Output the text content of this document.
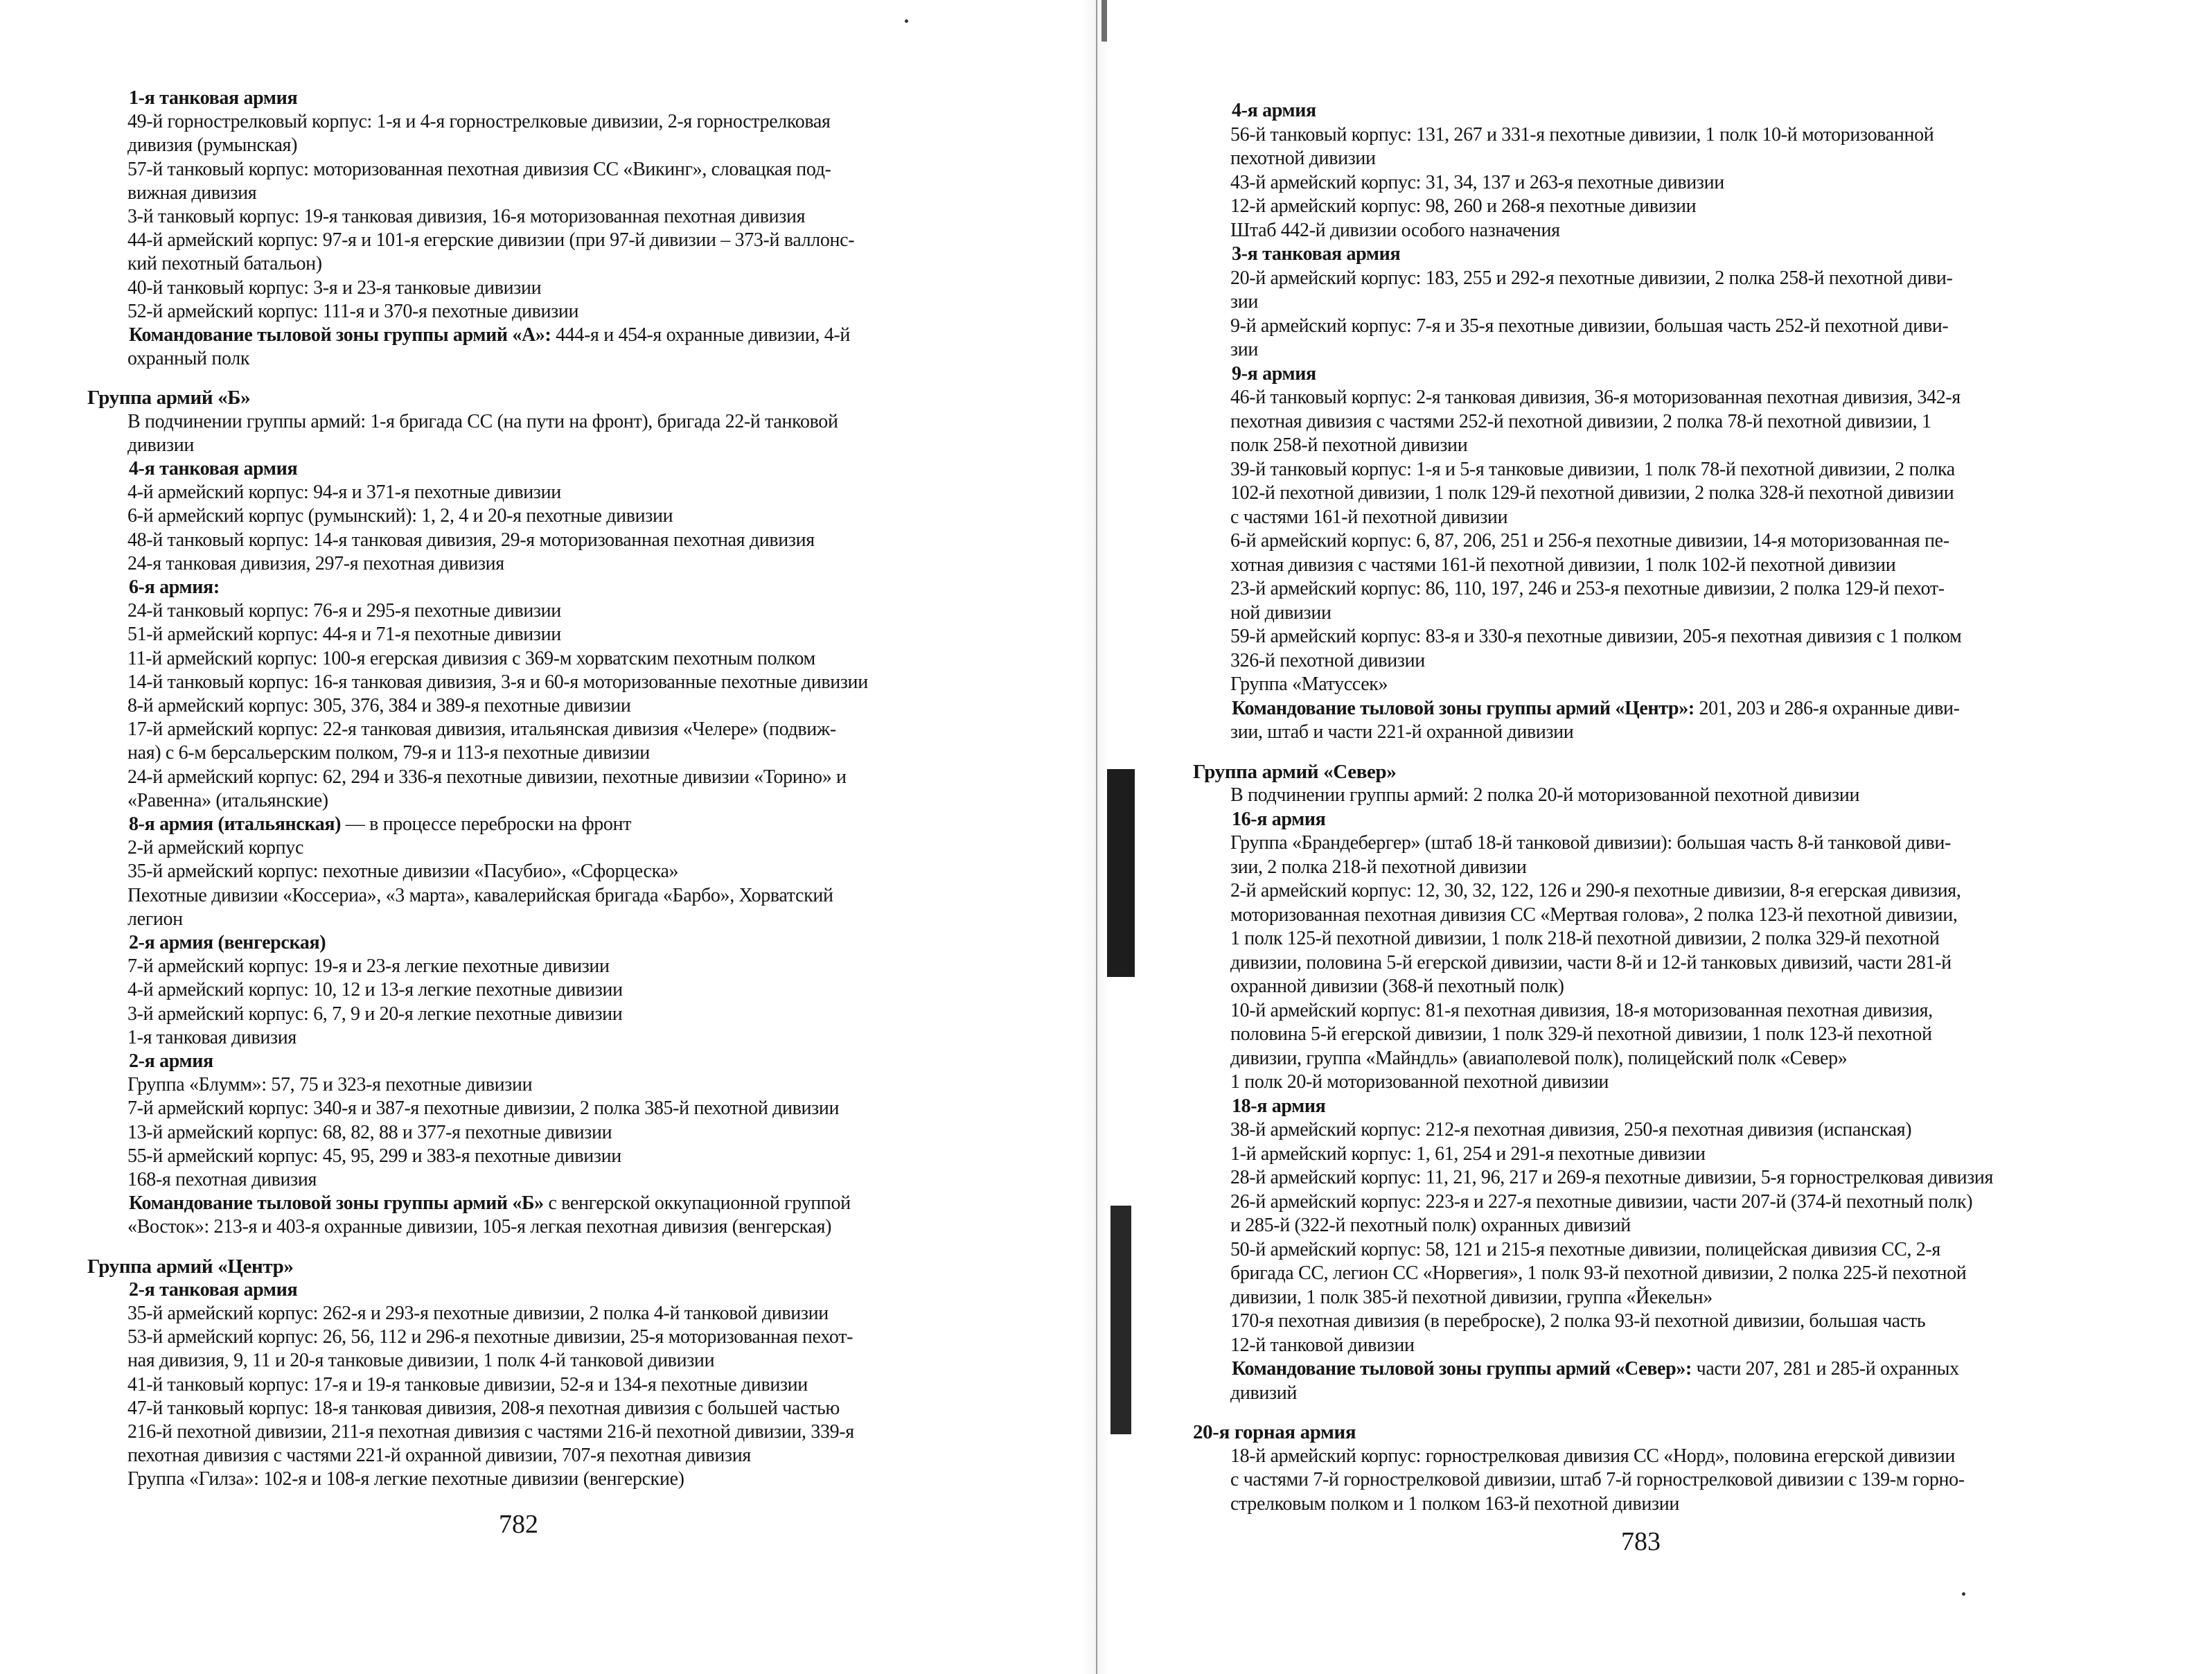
1-я танковая армия
49-й горнострелковый корпус: 1-я и 4-я горнострелковые дивизии, 2-я горнострелковая
дивизия (румынская)
57-й танковый корпус: моторизованная пехотная дивизия СС «Викинг», словацкая под-
вижная дивизия
3-й танковый корпус: 19-я танковая дивизия, 16-я моторизованная пехотная дивизия
44-й армейский корпус: 97-я и 101-я егерские дивизии (при 97-й дивизии – 373-й валлонс-
кий пехотный батальон)
40-й танковый корпус: 3-я и 23-я танковые дивизии
52-й армейский корпус: 111-я и 370-я пехотные дивизии
Командование тыловой зоны группы армий «А»: 444-я и 454-я охранные дивизии, 4-й
охранный полк
Группа армий «Б»
В подчинении группы армий: 1-я бригада СС (на пути на фронт), бригада 22-й танковой
дивизии
4-я танковая армия
4-й армейский корпус: 94-я и 371-я пехотные дивизии
6-й армейский корпус (румынский): 1, 2, 4 и 20-я пехотные дивизии
48-й танковый корпус: 14-я танковая дивизия, 29-я моторизованная пехотная дивизия
24-я танковая дивизия, 297-я пехотная дивизия
6-я армия:
24-й танковый корпус: 76-я и 295-я пехотные дивизии
51-й армейский корпус: 44-я и 71-я пехотные дивизии
11-й армейский корпус: 100-я егерская дивизия с 369-м хорватским пехотным полком
14-й танковый корпус: 16-я танковая дивизия, 3-я и 60-я моторизованные пехотные дивизии
8-й армейский корпус: 305, 376, 384 и 389-я пехотные дивизии
17-й армейский корпус: 22-я танковая дивизия, итальянская дивизия «Челере» (подвиж-
ная) с 6-м берсальерским полком, 79-я и 113-я пехотные дивизии
24-й армейский корпус: 62, 294 и 336-я пехотные дивизии, пехотные дивизии «Торино» и
«Равенна» (итальянские)
8-я армия (итальянская) — в процессе переброски на фронт
2-й армейский корпус
35-й армейский корпус: пехотные дивизии «Пасубио», «Сфорцеска»
Пехотные дивизии «Коссериа», «3 марта», кавалерийская бригада «Барбо», Хорватский
легион
2-я армия (венгерская)
7-й армейский корпус: 19-я и 23-я легкие пехотные дивизии
4-й армейский корпус: 10, 12 и 13-я легкие пехотные дивизии
3-й армейский корпус: 6, 7, 9 и 20-я легкие пехотные дивизии
1-я танковая дивизия
2-я армия
Группа «Блумм»: 57, 75 и 323-я пехотные дивизии
7-й армейский корпус: 340-я и 387-я пехотные дивизии, 2 полка 385-й пехотной дивизии
13-й армейский корпус: 68, 82, 88 и 377-я пехотные дивизии
55-й армейский корпус: 45, 95, 299 и 383-я пехотные дивизии
168-я пехотная дивизия
Командование тыловой зоны группы армий «Б» с венгерской оккупационной группой
«Восток»: 213-я и 403-я охранные дивизии, 105-я легкая пехотная дивизия (венгерская)
Группа армий «Центр»
2-я танковая армия
35-й армейский корпус: 262-я и 293-я пехотные дивизии, 2 полка 4-й танковой дивизии
53-й армейский корпус: 26, 56, 112 и 296-я пехотные дивизии, 25-я моторизованная пехот-
ная дивизия, 9, 11 и 20-я танковые дивизии, 1 полк 4-й танковой дивизии
41-й танковый корпус: 17-я и 19-я танковые дивизии, 52-я и 134-я пехотные дивизии
47-й танковый корпус: 18-я танковая дивизия, 208-я пехотная дивизия с большей частью
216-й пехотной дивизии, 211-я пехотная дивизия с частями 216-й пехотной дивизии, 339-я
пехотная дивизия с частями 221-й охранной дивизии, 707-я пехотная дивизия
Группа «Гилза»: 102-я и 108-я легкие пехотные дивизии (венгерские)
782
4-я армия
56-й танковый корпус: 131, 267 и 331-я пехотные дивизии, 1 полк 10-й моторизованной
пехотной дивизии
43-й армейский корпус: 31, 34, 137 и 263-я пехотные дивизии
12-й армейский корпус: 98, 260 и 268-я пехотные дивизии
Штаб 442-й дивизии особого назначения
3-я танковая армия
20-й армейский корпус: 183, 255 и 292-я пехотные дивизии, 2 полка 258-й пехотной диви-
зии
9-й армейский корпус: 7-я и 35-я пехотные дивизии, большая часть 252-й пехотной диви-
зии
9-я армия
46-й танковый корпус: 2-я танковая дивизия, 36-я моторизованная пехотная дивизия, 342-я
пехотная дивизия с частями 252-й пехотной дивизии, 2 полка 78-й пехотной дивизии, 1
полк 258-й пехотной дивизии
39-й танковый корпус: 1-я и 5-я танковые дивизии, 1 полк 78-й пехотной дивизии, 2 полка
102-й пехотной дивизии, 1 полк 129-й пехотной дивизии, 2 полка 328-й пехотной дивизии
с частями 161-й пехотной дивизии
6-й армейский корпус: 6, 87, 206, 251 и 256-я пехотные дивизии, 14-я моторизованная пе-
хотная дивизия с частями 161-й пехотной дивизии, 1 полк 102-й пехотной дивизии
23-й армейский корпус: 86, 110, 197, 246 и 253-я пехотные дивизии, 2 полка 129-й пехот-
ной дивизии
59-й армейский корпус: 83-я и 330-я пехотные дивизии, 205-я пехотная дивизия с 1 полком
326-й пехотной дивизии
Группа «Матуссек»
Командование тыловой зоны группы армий «Центр»: 201, 203 и 286-я охранные диви-
зии, штаб и части 221-й охранной дивизии
Группа армий «Север»
В подчинении группы армий: 2 полка 20-й моторизованной пехотной дивизии
16-я армия
Группа «Брандебергер» (штаб 18-й танковой дивизии): большая часть 8-й танковой диви-
зии, 2 полка 218-й пехотной дивизии
2-й армейский корпус: 12, 30, 32, 122, 126 и 290-я пехотные дивизии, 8-я егерская дивизия,
моторизованная пехотная дивизия СС «Мертвая голова», 2 полка 123-й пехотной дивизии,
1 полк 125-й пехотной дивизии, 1 полк 218-й пехотной дивизии, 2 полка 329-й пехотной
дивизии, половина 5-й егерской дивизии, части 8-й и 12-й танковых дивизий, части 281-й
охранной дивизии (368-й пехотный полк)
10-й армейский корпус: 81-я пехотная дивизия, 18-я моторизованная пехотная дивизия,
половина 5-й егерской дивизии, 1 полк 329-й пехотной дивизии, 1 полк 123-й пехотной
дивизии, группа «Майндль» (авиаполевой полк), полицейский полк «Север»
1 полк 20-й моторизованной пехотной дивизии
18-я армия
38-й армейский корпус: 212-я пехотная дивизия, 250-я пехотная дивизия (испанская)
1-й армейский корпус: 1, 61, 254 и 291-я пехотные дивизии
28-й армейский корпус: 11, 21, 96, 217 и 269-я пехотные дивизии, 5-я горнострелковая дивизия
26-й армейский корпус: 223-я и 227-я пехотные дивизии, части 207-й (374-й пехотный полк)
и 285-й (322-й пехотный полк) охранных дивизий
50-й армейский корпус: 58, 121 и 215-я пехотные дивизии, полицейская дивизия СС, 2-я
бригада СС, легион СС «Норвегия», 1 полк 93-й пехотной дивизии, 2 полка 225-й пехотной
дивизии, 1 полк 385-й пехотной дивизии, группа «Йекельн»
170-я пехотная дивизия (в переброске), 2 полка 93-й пехотной дивизии, большая часть
12-й танковой дивизии
Командование тыловой зоны группы армий «Север»: части 207, 281 и 285-й охранных
дивизий
20-я горная армия
18-й армейский корпус: горнострелковая дивизия СС «Норд», половина егерской дивизии
с частями 7-й горнострелковой дивизии, штаб 7-й горнострелковой дивизии с 139-м горно-
стрелковым полком и 1 полком 163-й пехотной дивизии
783
